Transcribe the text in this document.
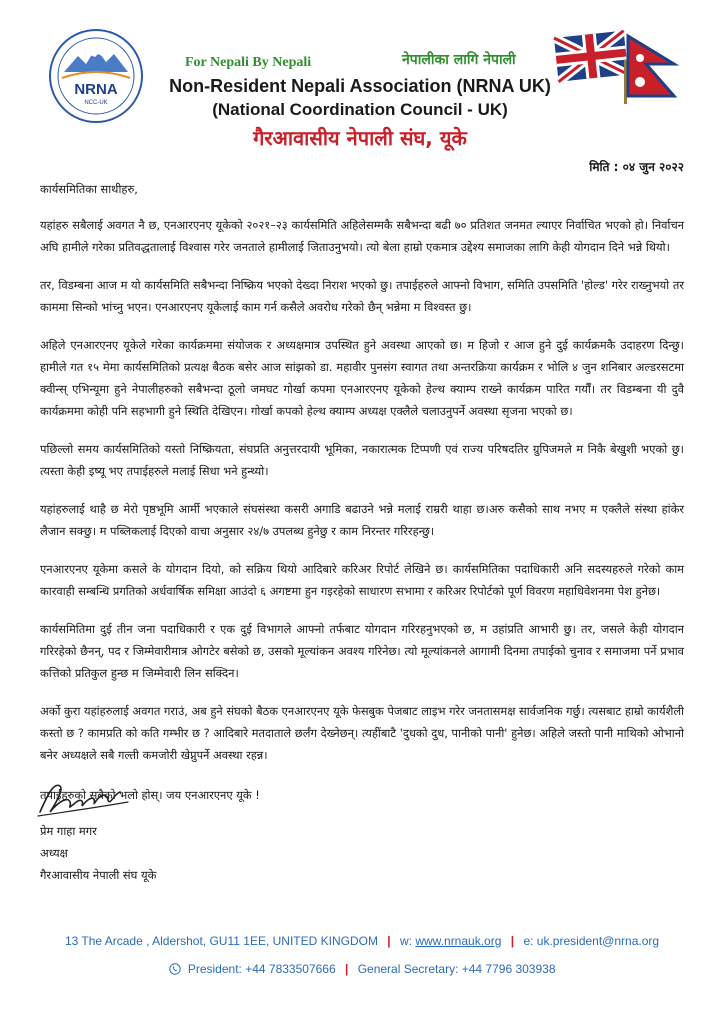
NRNA
NCC-UK
For Nepali By Nepali	नेपालीका लागि नेपाली
Non-Resident Nepali Association (NRNA UK)
(National Coordination Council - UK)
गैरआवासीय नेपाली संघ, यूके
मिति : ०४ जुन २०२२

कार्यसमितिका साथीहरु,

यहांहरु सबैलाई अवगत नै छ, एनआरएनए यूकेको २०२१–२३ कार्यसमिति अहिलेसम्मकै सबैभन्दा बढी ७० प्रतिशत जनमत ल्याएर निर्वाचित भएको हो। निर्वाचन अघि हामीले गरेका प्रतिवद्धतालाई विश्वास गरेर जनताले हामीलाई जिताउनुभयो। त्यो बेला हाम्रो एकमात्र उद्देश्य समाजका लागि केही योगदान दिने भन्ने थियो।

तर, विडम्बना आज म यो कार्यसमिति सबैभन्दा निष्क्रिय भएको देख्दा निराश भएको छु। तपाईहरुले आफ्नो विभाग, समिति उपसमिति 'होल्ड' गरेर राख्नुभयो तर काममा सिन्को भांच्नु भएन। एनआरएनए यूकेलाई काम गर्न कसैले अवरोध गरेको छैन् भन्नेमा म विश्वस्त छु।

अहिले एनआरएनए यूकेले गरेका कार्यक्रममा संयोजक र अध्यक्षमात्र उपस्थित हुने अवस्था आएको छ। म हिजो र आज हुने दुई कार्यक्रमकै उदाहरण दिन्छु। हामीले गत १५ मेमा कार्यसमितिको प्रत्यक्ष बैठक बसेर आज सांझको डा. महावीर पुनसंग स्वागत तथा अन्तरक्रिया कार्यक्रम र भोलि ४ जुन शनिबार अल्डरसटमा क्वीन्स् एभिन्यूमा हुने नेपालीहरुको सबैभन्दा ठूलो जमघट गोर्खा कपमा एनआरएनए यूकेको हेल्थ क्याम्प राख्ने कार्यक्रम पारित गर्यौं। तर विडम्बना यी दुवै कार्यक्रममा कोही पनि सहभागी हुने स्थिति देखिएन। गोर्खा कपको हेल्थ क्याम्प अध्यक्ष एक्लैले चलाउनुपर्ने अवस्था सृजना भएको छ।

पछिल्लो समय कार्यसमितिको यस्तो निष्क्रियता, संघप्रति अनुत्तरदायी भूमिका, नकारात्मक टिप्पणी एवं राज्य परिषदतिर ग्रुपिजमले म निकै बेखुशी भएको छु। त्यस्ता केही इष्यू भए तपाईहरुले मलाई सिधा भने हुन्थ्यो।

यहांहरुलाई थाहै छ मेरो पृष्ठभूमि आर्मी भएकाले संघसंस्था कसरी अगाडि बढाउने भन्ने मलाई राम्ररी थाहा छ।अरु कसैको साथ नभए म एक्लैले संस्था हांकेर लैजान सक्छु। म पब्लिकलाई दिएको वाचा अनुसार २४/७ उपलब्ध हुनेछु र काम निरन्तर गरिरहन्छु।

एनआरएनए यूकेमा कसले के योगदान दियो, को सक्रिय थियो आदिबारे करिअर रिपोर्ट लेखिने छ। कार्यसमितिका पदाधिकारी अनि सदस्यहरुले गरेको काम कारवाही सम्बन्धि प्रगतिको अर्धवार्षिक समिक्षा आउंदो ६ अगष्टमा हुन गइरहेको साधारण सभामा र करिअर रिपोर्टको पूर्ण विवरण महाधिवेशनमा पेश हुनेछ।

कार्यसमितिमा दुई तीन जना पदाधिकारी र एक दुई विभागले आफ्नो तर्फबाट योगदान गरिरहनुभएको छ, म उहांप्रति आभारी छु। तर, जसले केही योगदान गरिरहेको छैनन्, पद र जिम्मेवारीमात्र ओगटेर बसेको छ, उसको मूल्यांकन अवश्य गरिनेछ। त्यो मूल्यांकनले आगामी दिनमा तपाईको चुनाव र समाजमा पर्ने प्रभाव कत्तिको प्रतिकुल हुन्छ म जिम्मेवारी लिन सक्दिन।

अर्को कुरा यहांहरुलाई अवगत गराउं, अब हुने संघको बैठक एनआरएनए यूके फेसबुक पेजबाट लाइभ गरेर जनतासमक्ष सार्वजनिक गर्छु। त्यसबाट हाम्रो कार्यशैली कस्तो छ ? कामप्रति को कति गम्भीर छ ? आदिबारे मतदाताले छर्लंग देख्नेछन्। त्यहींबाटै 'दुधको दुध, पानीको पानी' हुनेछ। अहिले जस्तो पानी माथिको ओभानो बनेर अध्यक्षले सबै गल्ती कमजोरी खेप्नुपर्ने अवस्था रहन्न।

तपाईहरुको सबैको भलो होस्। जय एनआरएनए यूके !

प्रेम गाहा मगर
अध्यक्ष
गैरआवासीय नेपाली संघ यूके
13 The Arcade , Aldershot, GU11 1EE, UNITED KINGDOM | w: www.nrnauk.org | e: uk.president@nrna.org
President: +44 7833507666 | General Secretary: +44 7796 303938
